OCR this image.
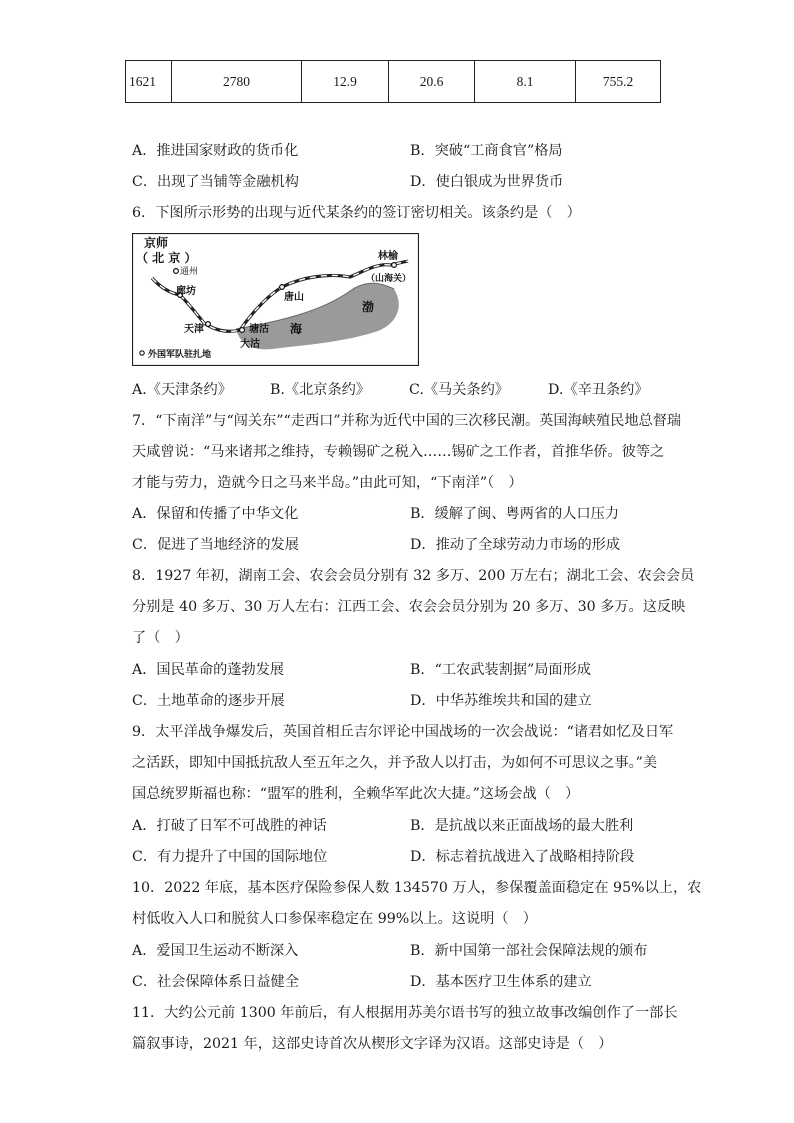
1621	2780	12.9	20.6	8.1	755.2
A．推进国家财政的货币化	B．突破“工商食官”格局
C．出现了当铺等金融机构	D．使白银成为世界货币
6．下图所示形势的出现与近代某条约的签订密切相关。该条约是（　）
京师
（ 北 京 ）
通州
廊坊
天津	塘沽
大沽
唐山
林榆
（山海关）
海
渤
外国军队驻扎地
A.《天津条约》	B.《北京条约》	C.《马关条约》	D.《辛丑条约》
7．“下南洋”与“闯关东”“走西口”并称为近代中国的三次移民潮。英国海峡殖民地总督瑞
天咸曾说：“马来诸邦之维持，专赖锡矿之税入……锡矿之工作者，首推华侨。彼等之
才能与劳力，造就今日之马来半岛。”由此可知，“下南洋”（　）
A．保留和传播了中华文化	B．缓解了闽、粤两省的人口压力
C．促进了当地经济的发展	D．推动了全球劳动力市场的形成
8．1927 年初，湖南工会、农会会员分别有 32 多万、200 万左右；湖北工会、农会会员
分别是 40 多万、30 万人左右：江西工会、农会会员分别为 20 多万、30 多万。这反映
了（　）
A．国民革命的蓬勃发展	B．“工农武装割据”局面形成
C．土地革命的逐步开展	D．中华苏维埃共和国的建立
9．太平洋战争爆发后，英国首相丘吉尔评论中国战场的一次会战说：“诸君如忆及日军
之活跃，即知中国抵抗敌人至五年之久，并予敌人以打击，为如何不可思议之事。”美
国总统罗斯福也称：“盟军的胜利，全赖华军此次大捷。”这场会战（　）
A．打破了日军不可战胜的神话	B．是抗战以来正面战场的最大胜利
C．有力提升了中国的国际地位	D．标志着抗战进入了战略相持阶段
10．2022 年底，基本医疗保险参保人数 134570 万人，参保覆盖面稳定在 95%以上，农
村低收入人口和脱贫人口参保率稳定在 99%以上。这说明（　）
A．爱国卫生运动不断深入	B．新中国第一部社会保障法规的颁布
C．社会保障体系日益健全	D．基本医疗卫生体系的建立
11．大约公元前 1300 年前后，有人根据用苏美尔语书写的独立故事改编创作了一部长
篇叙事诗，2021 年，这部史诗首次从楔形文字译为汉语。这部史诗是（　）
